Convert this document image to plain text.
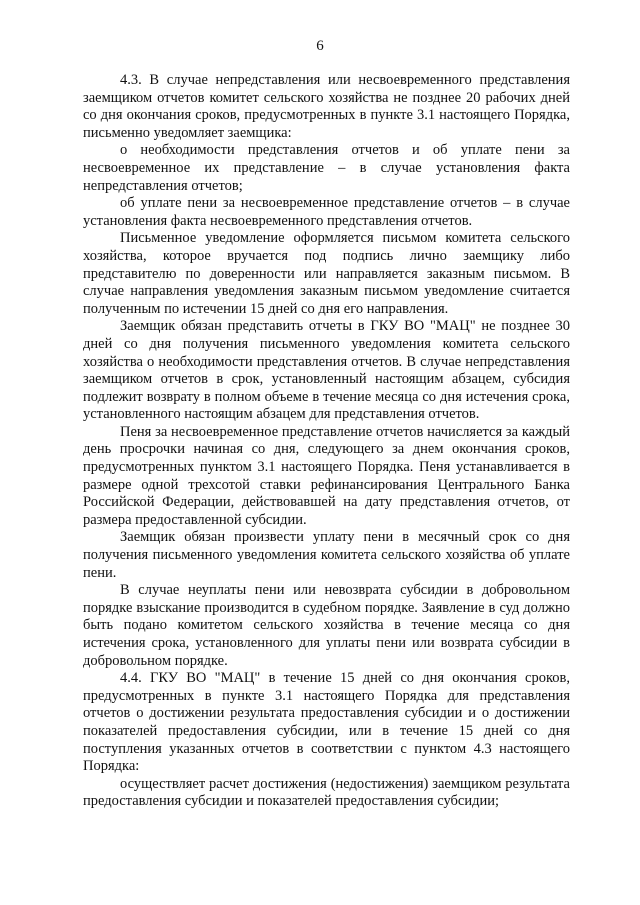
6

4.3. В случае непредставления или несвоевременного представления заемщиком отчетов комитет сельского хозяйства не позднее 20 рабочих дней со дня окончания сроков, предусмотренных в пункте 3.1 настоящего Порядка, письменно уведомляет заемщика:

о необходимости представления отчетов и об уплате пени за несвоевременное их представление – в случае установления факта непредставления отчетов;

об уплате пени за несвоевременное представление отчетов – в случае установления факта несвоевременного представления отчетов.

Письменное уведомление оформляется письмом комитета сельского хозяйства, которое вручается под подпись лично заемщику либо представителю по доверенности или направляется заказным письмом. В случае направления уведомления заказным письмом уведомление считается полученным по истечении 15 дней со дня его направления.

Заемщик обязан представить отчеты в ГКУ ВО "МАЦ" не позднее 30 дней со дня получения письменного уведомления комитета сельского хозяйства о необходимости представления отчетов. В случае непредставления заемщиком отчетов в срок, установленный настоящим абзацем, субсидия подлежит возврату в полном объеме в течение месяца со дня истечения срока, установленного настоящим абзацем для представления отчетов.

Пеня за несвоевременное представление отчетов начисляется за каждый день просрочки начиная со дня, следующего за днем окончания сроков, предусмотренных пунктом 3.1 настоящего Порядка. Пеня устанавливается в размере одной трехсотой ставки рефинансирования Центрального Банка Российской Федерации, действовавшей на дату представления отчетов, от размера предоставленной субсидии.

Заемщик обязан произвести уплату пени в месячный срок со дня получения письменного уведомления комитета сельского хозяйства об уплате пени.

В случае неуплаты пени или невозврата субсидии в добровольном порядке взыскание производится в судебном порядке. Заявление в суд должно быть подано комитетом сельского хозяйства в течение месяца со дня истечения срока, установленного для уплаты пени или возврата субсидии в добровольном порядке.

4.4. ГКУ ВО "МАЦ" в течение 15 дней со дня окончания сроков, предусмотренных в пункте 3.1 настоящего Порядка для представления отчетов о достижении результата предоставления субсидии и о достижении показателей предоставления субсидии, или в течение 15 дней со дня поступления указанных отчетов в соответствии с пунктом 4.3 настоящего Порядка:

осуществляет расчет достижения (недостижения) заемщиком результата предоставления субсидии и показателей предоставления субсидии;
